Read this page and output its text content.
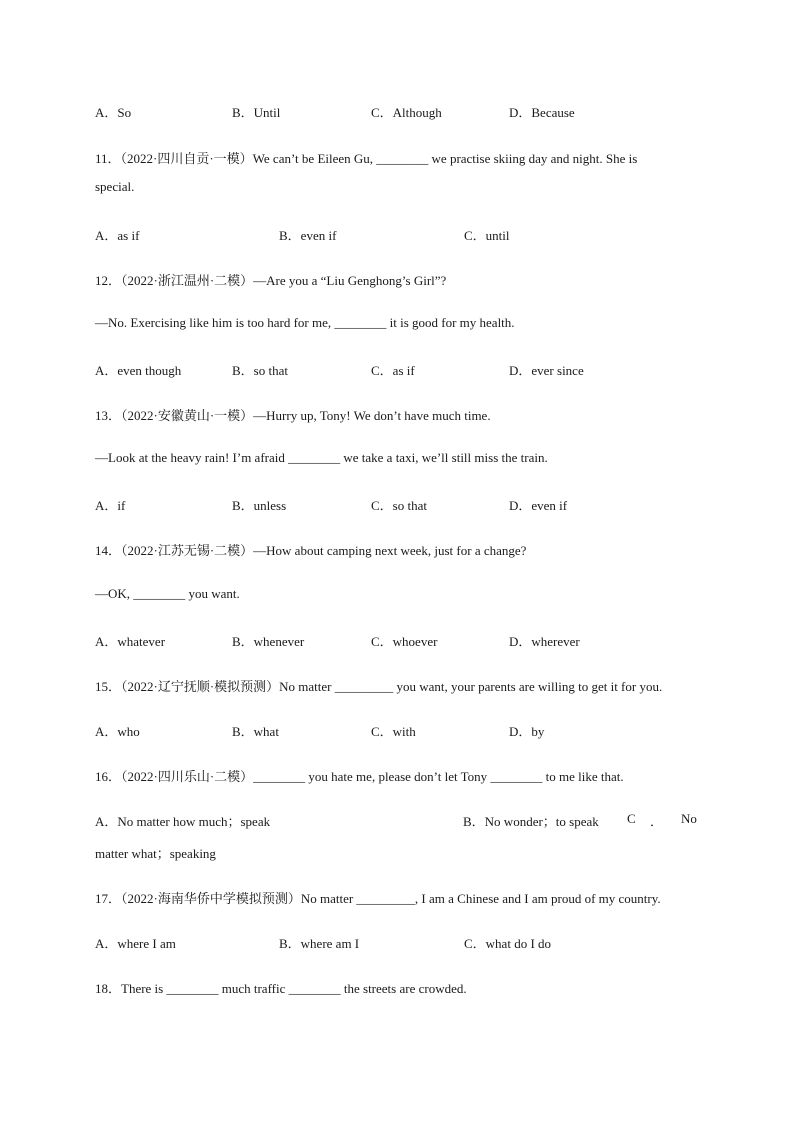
A．So	B．Until	C．Although	D．Because
11．（2022·四川自贡·一模）We can’t be Eileen Gu, ________ we practise skiing day and night. She is
special.
A．as if	B．even if	C．until
12．（2022·浙江温州·二模）—Are you a “Liu Genghong’s Girl”?
—No. Exercising like him is too hard for me, ________ it is good for my health.
A．even though	B．so that	C．as if	D．ever since
13．（2022·安徽黄山·一模）—Hurry up, Tony! We don’t have much time.
—Look at the heavy rain! I’m afraid ________ we take a taxi, we’ll still miss the train.
A．if	B．unless	C．so that	D．even if
14．（2022·江苏无锡·二模）—How about camping next week, just for a change?
—OK, ________ you want.
A．whatever	B．whenever	C．whoever	D．wherever
15．（2022·辽宁抚顺·模拟预测）No matter _________ you want, your parents are willing to get it for you.
A．who	B．what	C．with	D．by
16．（2022·四川乐山·二模）________ you hate me, please don’t let Tony ________ to me like that.
A．No matter how much；speak	B．No wonder；to speak C ． No
matter what；speaking
17．（2022·海南华侨中学模拟预测）No matter _________, I am a Chinese and I am proud of my country.
A．where I am	B．where am I	C．what do I do
18．There is ________ much traffic ________ the streets are crowded.
